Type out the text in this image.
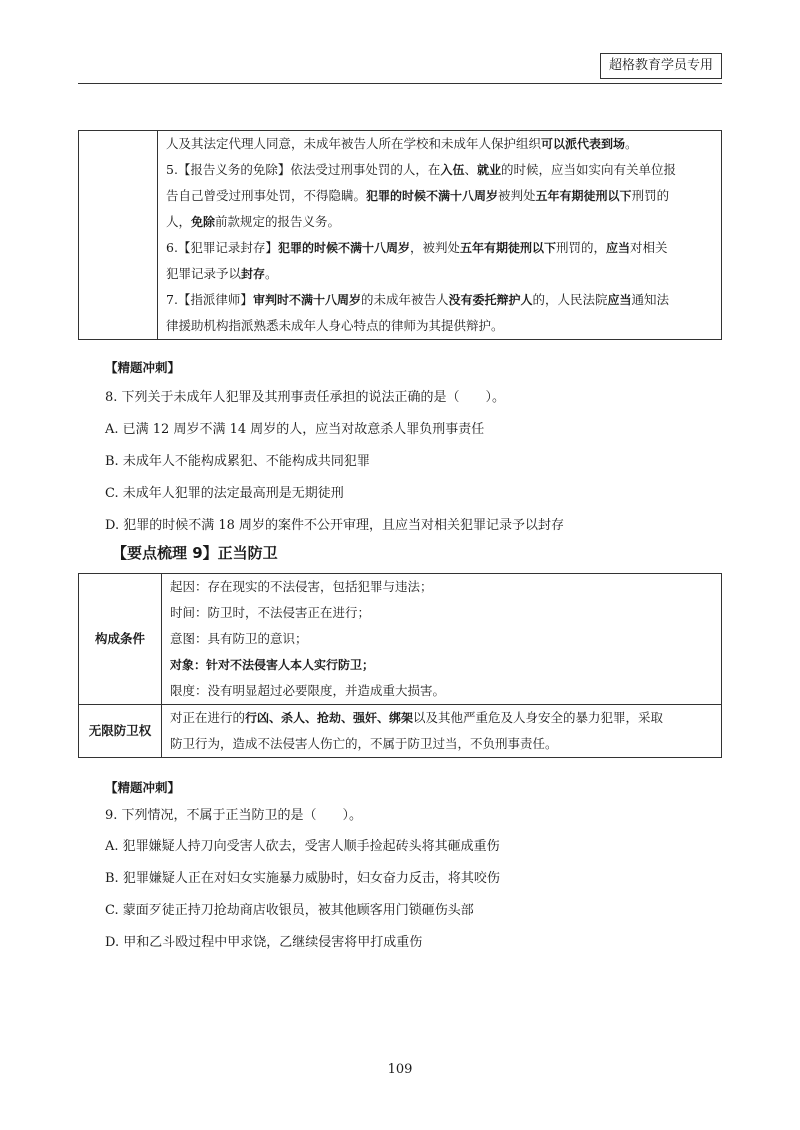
超格教育学员专用

人及其法定代理人同意，未成年被告人所在学校和未成年人保护组织可以派代表到场。
5.【报告义务的免除】依法受过刑事处罚的人，在入伍、就业的时候，应当如实向有关单位报
告自己曾受过刑事处罚，不得隐瞒。犯罪的时候不满十八周岁被判处五年有期徒刑以下刑罚的
人，免除前款规定的报告义务。
6.【犯罪记录封存】犯罪的时候不满十八周岁，被判处五年有期徒刑以下刑罚的，应当对相关
犯罪记录予以封存。
7.【指派律师】审判时不满十八周岁的未成年被告人没有委托辩护人的，人民法院应当通知法
律援助机构指派熟悉未成年人身心特点的律师为其提供辩护。
【精题冲刺】
8. 下列关于未成年人犯罪及其刑事责任承担的说法正确的是（　　）。
A. 已满 12 周岁不满 14 周岁的人，应当对故意杀人罪负刑事责任
B. 未成年人不能构成累犯、不能构成共同犯罪
C. 未成年人犯罪的法定最高刑是无期徒刑
D. 犯罪的时候不满 18 周岁的案件不公开审理，且应当对相关犯罪记录予以封存
【要点梳理 9】正当防卫
构成条件	起因：存在现实的不法侵害，包括犯罪与违法；
时间：防卫时，不法侵害正在进行；
意图：具有防卫的意识；
对象：针对不法侵害人本人实行防卫；
限度：没有明显超过必要限度，并造成重大损害。

无限防卫权	对正在进行的行凶、杀人、抢劫、强奸、绑架以及其他严重危及人身安全的暴力犯罪，采取
防卫行为，造成不法侵害人伤亡的，不属于防卫过当，不负刑事责任。
【精题冲刺】
9. 下列情况，不属于正当防卫的是（　　）。
A. 犯罪嫌疑人持刀向受害人砍去，受害人顺手捡起砖头将其砸成重伤
B. 犯罪嫌疑人正在对妇女实施暴力威胁时，妇女奋力反击，将其咬伤
C. 蒙面歹徒正持刀抢劫商店收银员，被其他顾客用门锁砸伤头部
D. 甲和乙斗殴过程中甲求饶，乙继续侵害将甲打成重伤
109
